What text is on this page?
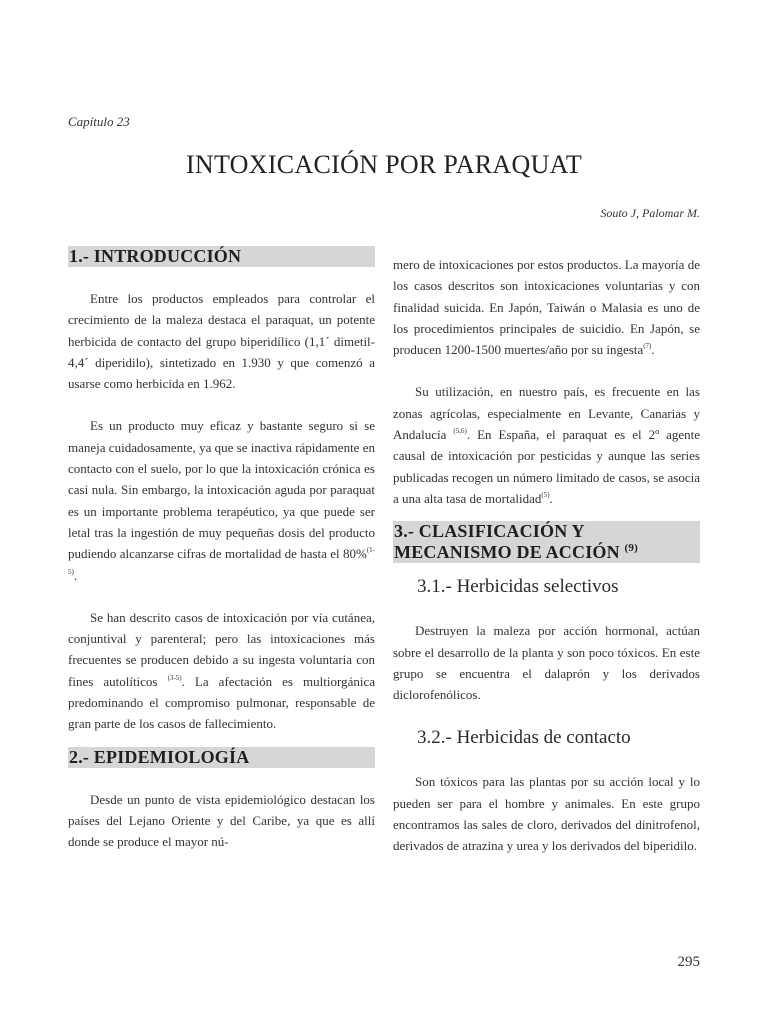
Capítulo 23
INTOXICACIÓN POR PARAQUAT
Souto J, Palomar M.
1.- INTRODUCCIÓN

Entre los productos empleados para controlar el crecimiento de la maleza destaca el paraquat, un potente herbicida de contacto del grupo biperidílico (1,1´ dimetil-4,4´ diperidilo), sintetizado en 1.930 y que comenzó a usarse como herbicida en 1.962.

Es un producto muy eficaz y bastante seguro si se maneja cuidadosamente, ya que se inactiva rápidamente en contacto con el suelo, por lo que la intoxicación crónica es casi nula. Sin embargo, la intoxicación aguda por paraquat es un importante problema terapéutico, ya que puede ser letal tras la ingestión de muy pequeñas dosis del producto pudiendo alcanzarse cifras de mortalidad de hasta el 80%$^{(1-5)}$.

Se han descrito casos de intoxicación por vía cutánea, conjuntival y parenteral; pero las intoxicaciones más frecuentes se producen debido a su ingesta voluntaria con fines autolíticos $^{(3-5)}$. La afectación es multiorgánica predominando el compromiso pulmonar, responsable de gran parte de los casos de fallecimiento.

2.- EPIDEMIOLOGÍA

Desde un punto de vista epidemiológico destacan los países del Lejano Oriente y del Caribe, ya que es allí donde se produce el mayor nú-

mero de intoxicaciones por estos productos. La mayoría de los casos descritos son intoxicaciones voluntarias y con finalidad suicida. En Japón, Taiwán o Malasia es uno de los procedimientos principales de suicidio. En Japón, se producen 1200-1500 muertes/año por su ingesta$^{(7)}$.

Su utilización, en nuestro país, es frecuente en las zonas agrícolas, especialmente en Levante, Canarias y Andalucía $^{(5,6)}$. En España, el paraquat es el 2º agente causal de intoxicación por pesticidas y aunque las series publicadas recogen un número limitado de casos, se asocia a una alta tasa de mortalidad$^{(5)}$.

3.- CLASIFICACIÓN Y
MECANISMO DE ACCIÓN $^{(9)}$
3.1.- Herbicidas selectivos

Destruyen la maleza por acción hormonal, actúan sobre el desarrollo de la planta y son poco tóxicos. En este grupo se encuentra el dalaprón y los derivados diclorofenólicos.

3.2.- Herbicidas de contacto

Son tóxicos para las plantas por su acción local y lo pueden ser para el hombre y animales. En este grupo encontramos las sales de cloro, derivados del dinitrofenol, derivados de atrazina y urea y los derivados del biperidilo.

295
